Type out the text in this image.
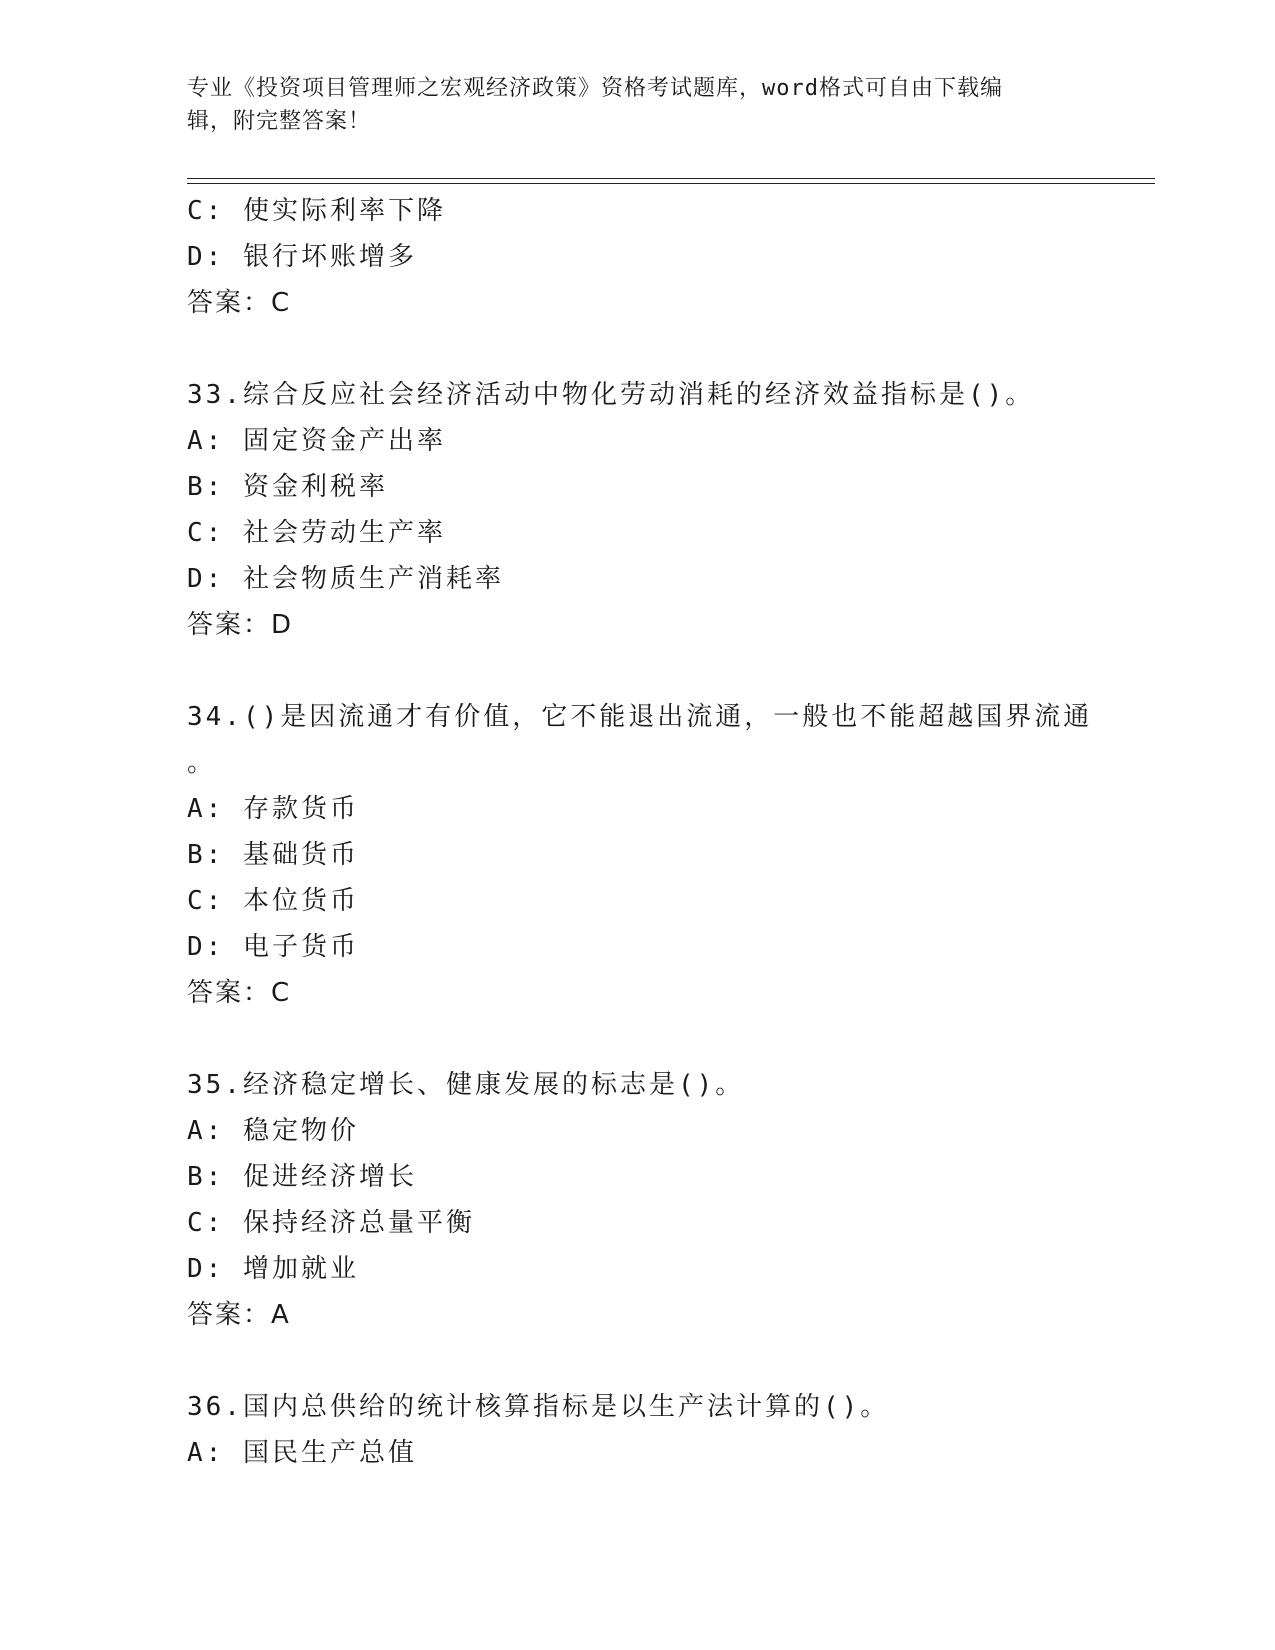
专业《投资项目管理师之宏观经济政策》资格考试题库，word格式可自由下载编
辑，附完整答案！
C: 使实际利率下降
D: 银行坏账增多
答案：C
33.综合反应社会经济活动中物化劳动消耗的经济效益指标是()。
A: 固定资金产出率
B: 资金利税率
C: 社会劳动生产率
D: 社会物质生产消耗率
答案：D
34.()是因流通才有价值，它不能退出流通，一般也不能超越国界流通
。
A: 存款货币
B: 基础货币
C: 本位货币
D: 电子货币
答案：C
35.经济稳定增长、健康发展的标志是()。
A: 稳定物价
B: 促进经济增长
C: 保持经济总量平衡
D: 增加就业
答案：A
36.国内总供给的统计核算指标是以生产法计算的()。
A: 国民生产总值
